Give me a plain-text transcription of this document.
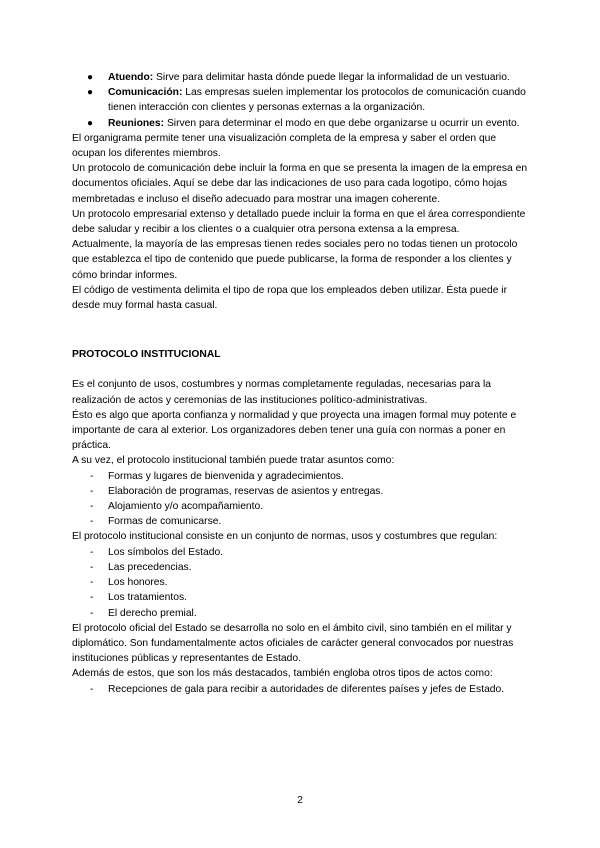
● Atuendo: Sirve para delimitar hasta dónde puede llegar la informalidad de un vestuario.
● Comunicación: Las empresas suelen implementar los protocolos de comunicación cuando tienen interacción con clientes y personas externas a la organización.
● Reuniones: Sirven para determinar el modo en que debe organizarse u ocurrir un evento.

El organigrama permite tener una visualización completa de la empresa y saber el orden que ocupan los diferentes miembros.

Un protocolo de comunicación debe incluir la forma en que se presenta la imagen de la empresa en documentos oficiales. Aquí se debe dar las indicaciones de uso para cada logotipo, cómo hojas membretadas e incluso el diseño adecuado para mostrar una imagen coherente.

Un protocolo empresarial extenso y detallado puede incluir la forma en que el área correspondiente debe saludar y recibir a los clientes o a cualquier otra persona extensa a la empresa.

Actualmente, la mayoría de las empresas tienen redes sociales pero no todas tienen un protocolo que establezca el tipo de contenido que puede publicarse, la forma de responder a los clientes y cómo brindar informes.

El código de vestimenta delimita el tipo de ropa que los empleados deben utilizar. Ésta puede ir desde muy formal hasta casual.

PROTOCOLO INSTITUCIONAL

Es el conjunto de usos, costumbres y normas completamente reguladas, necesarias para la realización de actos y ceremonias de las instituciones político-administrativas.

Ésto es algo que aporta confianza y normalidad y que proyecta una imagen formal muy potente e importante de cara al exterior. Los organizadores deben tener una guía con normas a poner en práctica.

A su vez, el protocolo institucional también puede tratar asuntos como:

- Formas y lugares de bienvenida y agradecimientos.
- Elaboración de programas, reservas de asientos y entregas.
- Alojamiento y/o acompañamiento.
- Formas de comunicarse.

El protocolo institucional consiste en un conjunto de normas, usos y costumbres que regulan:

- Los símbolos del Estado.
- Las precedencias.
- Los honores.
- Los tratamientos.
- El derecho premial.

El protocolo oficial del Estado se desarrolla no solo en el ámbito civil, sino también en el militar y diplomático. Son fundamentalmente actos oficiales de carácter general convocados por nuestras instituciones públicas y representantes de Estado.

Además de estos, que son los más destacados, también engloba otros tipos de actos como:

- Recepciones de gala para recibir a autoridades de diferentes países y jefes de Estado.
2
